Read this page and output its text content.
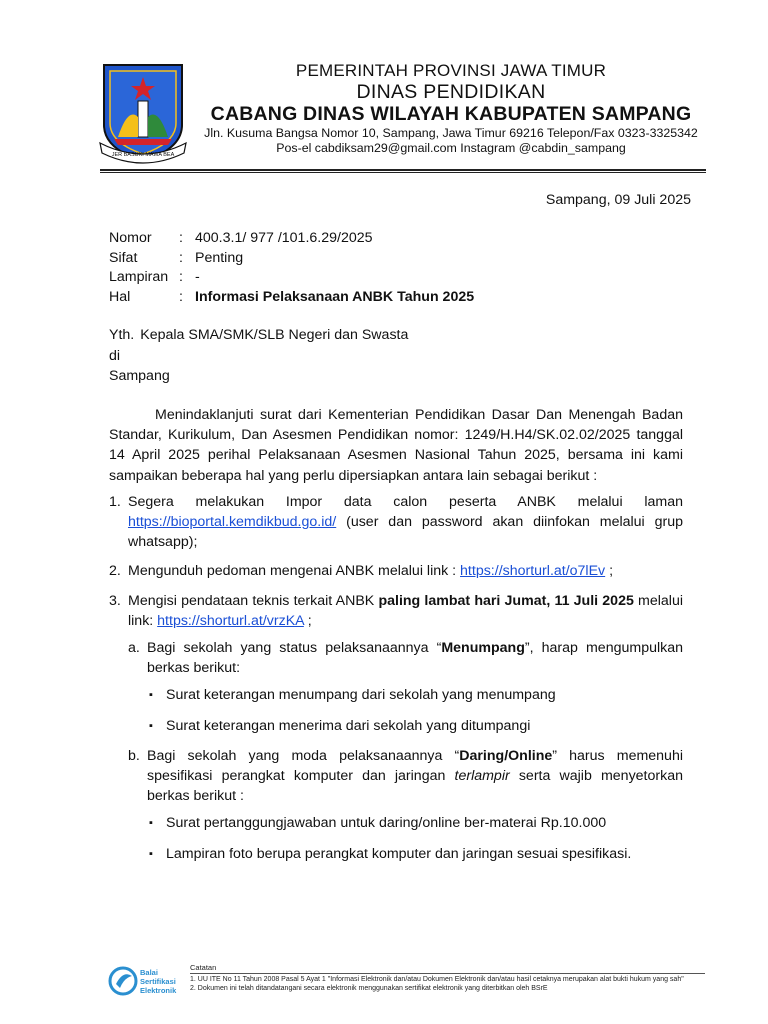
JER BASUKI MAWA BEA
PEMERINTAH PROVINSI JAWA TIMUR
DINAS PENDIDIKAN
CABANG DINAS WILAYAH KABUPATEN SAMPANG
Jln. Kusuma Bangsa Nomor 10, Sampang, Jawa Timur 69216 Telepon/Fax 0323-3325342
Pos-el cabdiksam29@gmail.com Instagram @cabdin_sampang
Sampang, 09 Juli 2025
Nomor : 400.3.1/ 977 /101.6.29/2025
Sifat	: Penting
Lampiran : -
Hal	: Informasi Pelaksanaan ANBK Tahun 2025
Yth. Kepala SMA/SMK/SLB Negeri dan Swasta
di
Sampang

Menindaklanjuti surat dari Kementerian Pendidikan Dasar Dan Menengah Badan Standar, Kurikulum, Dan Asesmen Pendidikan nomor: 1249/H.H4/SK.02.02/2025 tanggal 14 April 2025 perihal Pelaksanaan Asesmen Nasional Tahun 2025, bersama ini kami sampaikan beberapa hal yang perlu dipersiapkan antara lain sebagai berikut :

1. Segera melakukan Impor data calon peserta ANBK melalui laman https://bioportal.kemdikbud.go.id/ (user dan password akan diinfokan melalui grup whatsapp);
2. Mengunduh pedoman mengenai ANBK melalui link : https://shorturl.at/o7lEv ;
3. Mengisi pendataan teknis terkait ANBK paling lambat hari Jumat, 11 Juli 2025 melalui link: https://shorturl.at/vrzKA ;
a. Bagi sekolah yang status pelaksanaannya “Menumpang”, harap mengumpulkan berkas berikut:
▪ Surat keterangan menumpang dari sekolah yang menumpang
▪ Surat keterangan menerima dari sekolah yang ditumpangi
b. Bagi sekolah yang moda pelaksanaannya “Daring/Online” harus memenuhi spesifikasi perangkat komputer dan jaringan terlampir serta wajib menyetorkan berkas berikut :
▪ Surat pertanggungjawaban untuk daring/online ber-materai Rp.10.000
▪ Lampiran foto berupa perangkat komputer dan jaringan sesuai spesifikasi.
Balai
Sertifikasi
Elektronik
Catatan
1. UU ITE No 11 Tahun 2008 Pasal 5 Ayat 1 "Informasi Elektronik dan/atau Dokumen Elektronik dan/atau hasil cetaknya merupakan alat bukti hukum yang sah"
2. Dokumen ini telah ditandatangani secara elektronik menggunakan sertifikat elektronik yang diterbitkan oleh BSrE
